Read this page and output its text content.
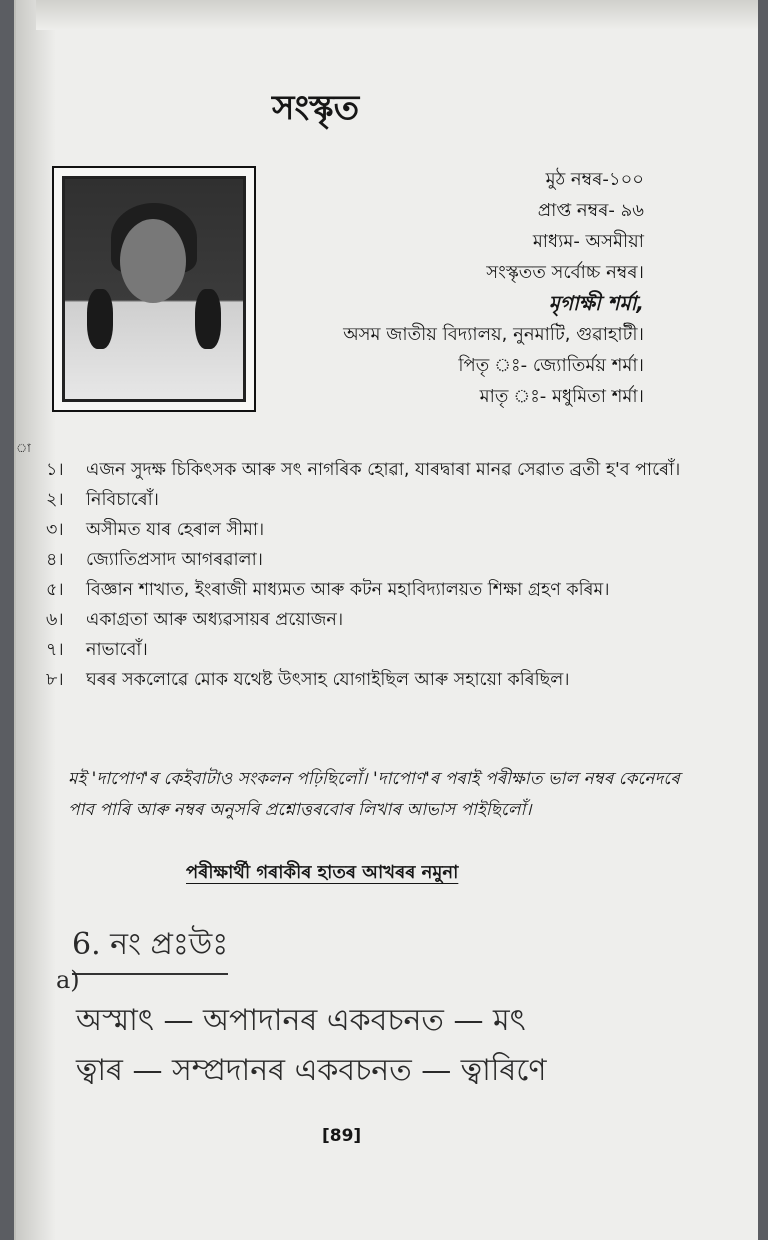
সংস্কৃত
মুঠ নম্বৰ-১০০
প্ৰাপ্ত নম্বৰ- ৯৬
মাধ্যম- অসমীয়া
সংস্কৃতত সৰ্বোচ্চ নম্বৰ।
মৃগাক্ষী শৰ্মা,
অসম জাতীয় বিদ্যালয়, নুনমাটি, গুৱাহাটী।
পিতৃ ঃ- জ্যোতিৰ্ময় শৰ্মা।
মাতৃ ঃ- মধুমিতা শৰ্মা।
১।	এজন সুদক্ষ চিকিৎসক আৰু সৎ নাগৰিক হোৱা, যাৰদ্বাৰা মানৱ সেৱাত ব্ৰতী হ'ব পাৰোঁ।
২।	নিবিচাৰোঁ।
৩।	অসীমত যাৰ হেৰাল সীমা।
৪।	জ্যোতিপ্ৰসাদ আগৰৱালা।
৫।	বিজ্ঞান শাখাত, ইংৰাজী মাধ্যমত আৰু কটন মহাবিদ্যালয়ত শিক্ষা গ্ৰহণ কৰিম।
৬।	একাগ্ৰতা আৰু অধ্যৱসায়ৰ প্ৰয়োজন।
৭।	নাভাবোঁ।
৮।	ঘৰৰ সকলোৱে মোক যথেষ্ট উৎসাহ যোগাইছিল আৰু সহায়ো কৰিছিল।
মই 'দাপোণ'ৰ কেইবাটাও সংকলন পঢ়িছিলোঁ। 'দাপোণ'ৰ পৰাই পৰীক্ষাত ভাল নম্বৰ কেনেদৰে পাব পাৰি আৰু নম্বৰ অনুসৰি প্ৰশ্নোত্তৰবোৰ লিখাৰ আভাস পাইছিলোঁ।
পৰীক্ষাৰ্থী গৰাকীৰ হাতৰ আখৰৰ নমুনা
6. নং প্ৰঃউঃ
a)
অস্মাৎ — অপাদানৰ একবচনত — মৎ
ত্বাৰ — সম্প্ৰদানৰ একবচনত — ত্বাৰিণে
[89]
া
